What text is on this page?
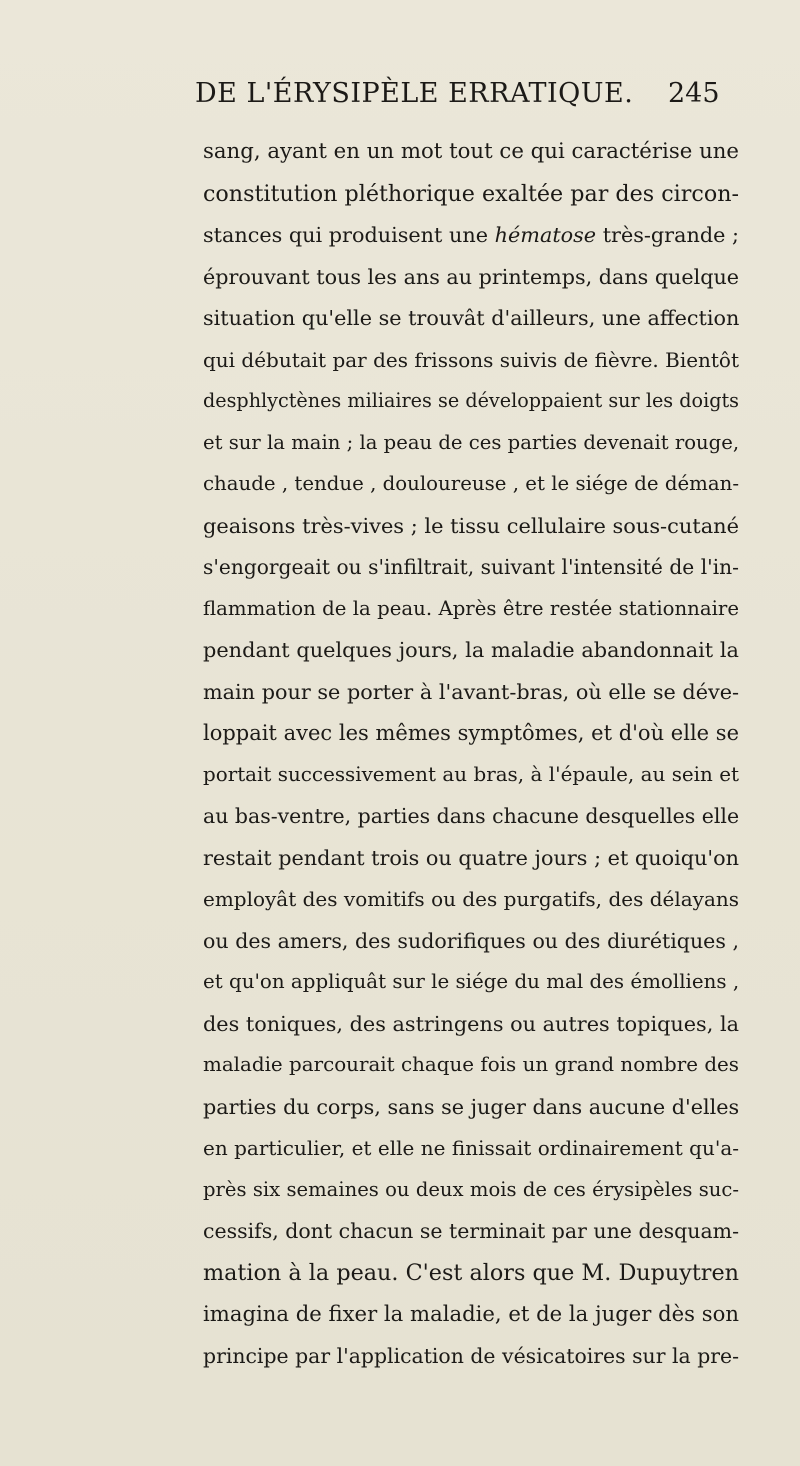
DE L'ÉRYSIPÈLE ERRATIQUE. 245
sang, ayant en un mot tout ce qui caractérise une
constitution pléthorique exaltée par des circon-
stances qui produisent une hématose très-grande ;
éprouvant tous les ans au printemps, dans quelque
situation qu'elle se trouvât d'ailleurs, une affection
qui débutait par des frissons suivis de fièvre. Bientôt
desphlyctènes miliaires se développaient sur les doigts
et sur la main ; la peau de ces parties devenait rouge,
chaude , tendue , douloureuse , et le siége de déman-
geaisons très-vives ; le tissu cellulaire sous-cutané
s'engorgeait ou s'infiltrait, suivant l'intensité de l'in-
flammation de la peau. Après être restée stationnaire
pendant quelques jours, la maladie abandonnait la
main pour se porter à l'avant-bras, où elle se déve-
loppait avec les mêmes symptômes, et d'où elle se
portait successivement au bras, à l'épaule, au sein et
au bas-ventre, parties dans chacune desquelles elle
restait pendant trois ou quatre jours ; et quoiqu'on
employât des vomitifs ou des purgatifs, des délayans
ou des amers, des sudorifiques ou des diurétiques ,
et qu'on appliquât sur le siége du mal des émolliens ,
des toniques, des astringens ou autres topiques, la
maladie parcourait chaque fois un grand nombre des
parties du corps, sans se juger dans aucune d'elles
en particulier, et elle ne finissait ordinairement qu'a-
près six semaines ou deux mois de ces érysipèles suc-
cessifs, dont chacun se terminait par une desquam-
mation à la peau. C'est alors que M. Dupuytren
imagina de fixer la maladie, et de la juger dès son
principe par l'application de vésicatoires sur la pre-
